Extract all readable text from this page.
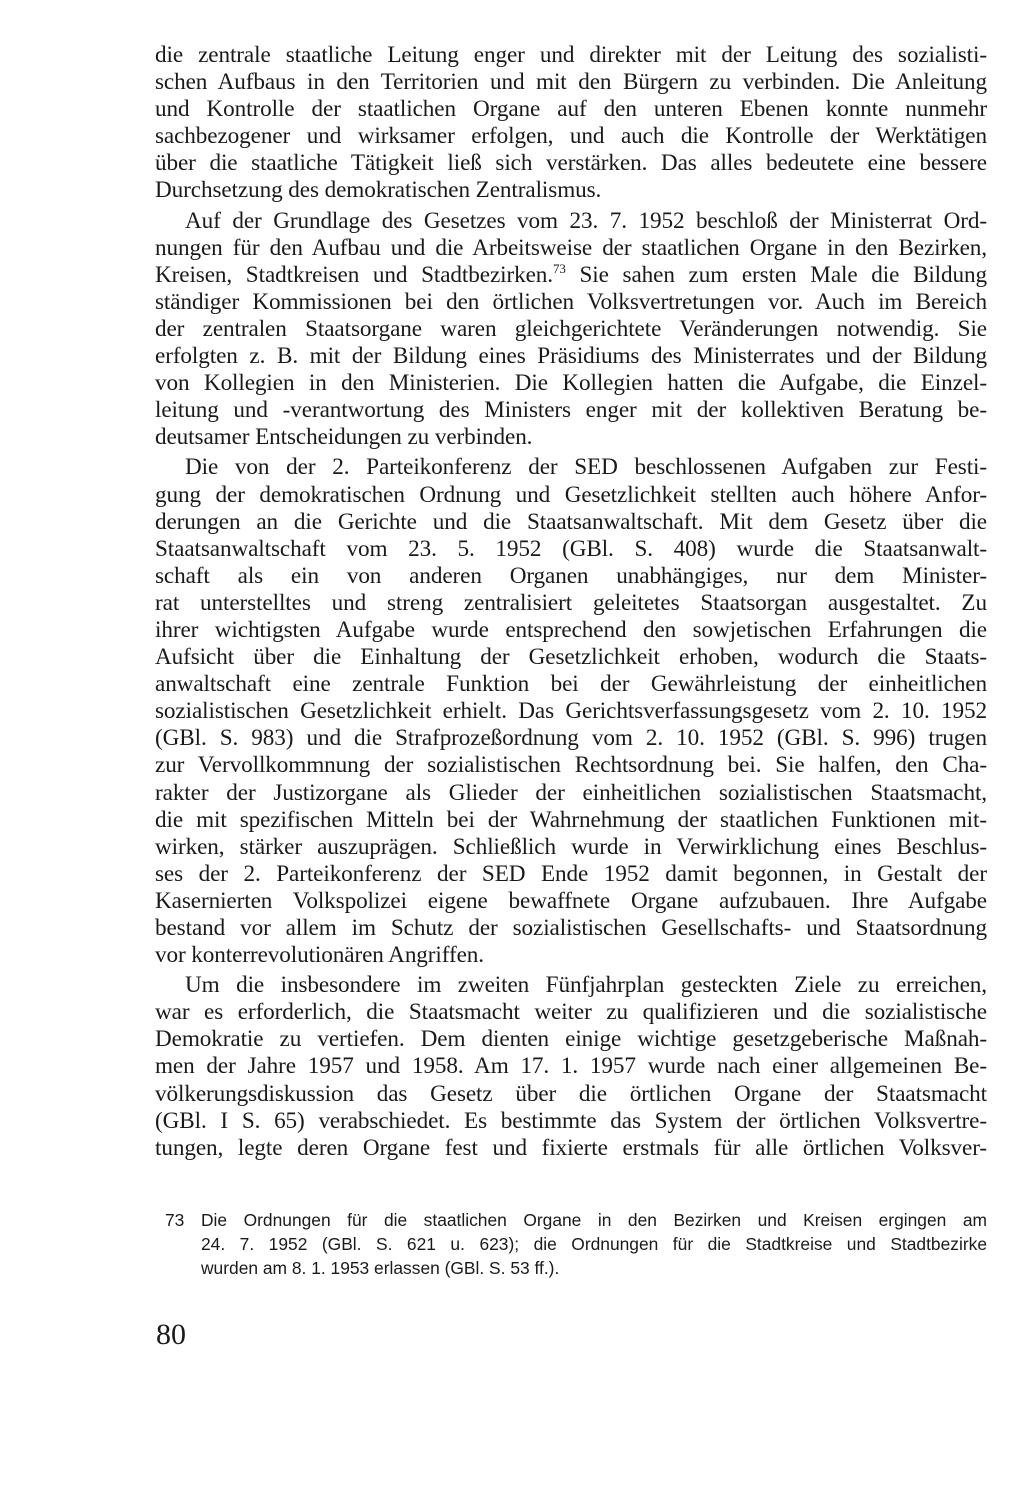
die zentrale staatliche Leitung enger und direkter mit der Leitung des sozialisti-
schen Aufbaus in den Territorien und mit den Bürgern zu verbinden. Die Anleitung
und Kontrolle der staatlichen Organe auf den unteren Ebenen konnte nunmehr
sachbezogener und wirksamer erfolgen, und auch die Kontrolle der Werktätigen
über die staatliche Tätigkeit ließ sich verstärken. Das alles bedeutete eine bessere
Durchsetzung des demokratischen Zentralismus.
Auf der Grundlage des Gesetzes vom 23. 7. 1952 beschloß der Ministerrat Ord-
nungen für den Aufbau und die Arbeitsweise der staatlichen Organe in den Bezirken,
Kreisen, Stadtkreisen und Stadtbezirken.$^{73}$ Sie sahen zum ersten Male die Bildung
ständiger Kommissionen bei den örtlichen Volksvertretungen vor. Auch im Bereich
der zentralen Staatsorgane waren gleichgerichtete Veränderungen notwendig. Sie
erfolgten z. B. mit der Bildung eines Präsidiums des Ministerrates und der Bildung
von Kollegien in den Ministerien. Die Kollegien hatten die Aufgabe, die Einzel-
leitung und -verantwortung des Ministers enger mit der kollektiven Beratung be-
deutsamer Entscheidungen zu verbinden.
Die von der 2. Parteikonferenz der SED beschlossenen Aufgaben zur Festi-
gung der demokratischen Ordnung und Gesetzlichkeit stellten auch höhere Anfor-
derungen an die Gerichte und die Staatsanwaltschaft. Mit dem Gesetz über die
Staatsanwaltschaft vom 23. 5. 1952 (GBl. S. 408) wurde die Staatsanwalt-
schaft als ein von anderen Organen unabhängiges, nur dem Minister-
rat unterstelltes und streng zentralisiert geleitetes Staatsorgan ausgestaltet. Zu
ihrer wichtigsten Aufgabe wurde entsprechend den sowjetischen Erfahrungen die
Aufsicht über die Einhaltung der Gesetzlichkeit erhoben, wodurch die Staats-
anwaltschaft eine zentrale Funktion bei der Gewährleistung der einheitlichen
sozialistischen Gesetzlichkeit erhielt. Das Gerichtsverfassungsgesetz vom 2. 10. 1952
(GBl. S. 983) und die Strafprozeßordnung vom 2. 10. 1952 (GBl. S. 996) trugen
zur Vervollkommnung der sozialistischen Rechtsordnung bei. Sie halfen, den Cha-
rakter der Justizorgane als Glieder der einheitlichen sozialistischen Staatsmacht,
die mit spezifischen Mitteln bei der Wahrnehmung der staatlichen Funktionen mit-
wirken, stärker auszuprägen. Schließlich wurde in Verwirklichung eines Beschlus-
ses der 2. Parteikonferenz der SED Ende 1952 damit begonnen, in Gestalt der
Kasernierten Volkspolizei eigene bewaffnete Organe aufzubauen. Ihre Aufgabe
bestand vor allem im Schutz der sozialistischen Gesellschafts- und Staatsordnung
vor konterrevolutionären Angriffen.
Um die insbesondere im zweiten Fünfjahrplan gesteckten Ziele zu erreichen,
war es erforderlich, die Staatsmacht weiter zu qualifizieren und die sozialistische
Demokratie zu vertiefen. Dem dienten einige wichtige gesetzgeberische Maßnah-
men der Jahre 1957 und 1958. Am 17. 1. 1957 wurde nach einer allgemeinen Be-
völkerungsdiskussion das Gesetz über die örtlichen Organe der Staatsmacht
(GBl. I S. 65) verabschiedet. Es bestimmte das System der örtlichen Volksvertre-
tungen, legte deren Organe fest und fixierte erstmals für alle örtlichen Volksver-
73 Die Ordnungen für die staatlichen Organe in den Bezirken und Kreisen ergingen am
24. 7. 1952 (GBl. S. 621 u. 623); die Ordnungen für die Stadtkreise und Stadtbezirke
wurden am 8. 1. 1953 erlassen (GBl. S. 53 ff.).
80
